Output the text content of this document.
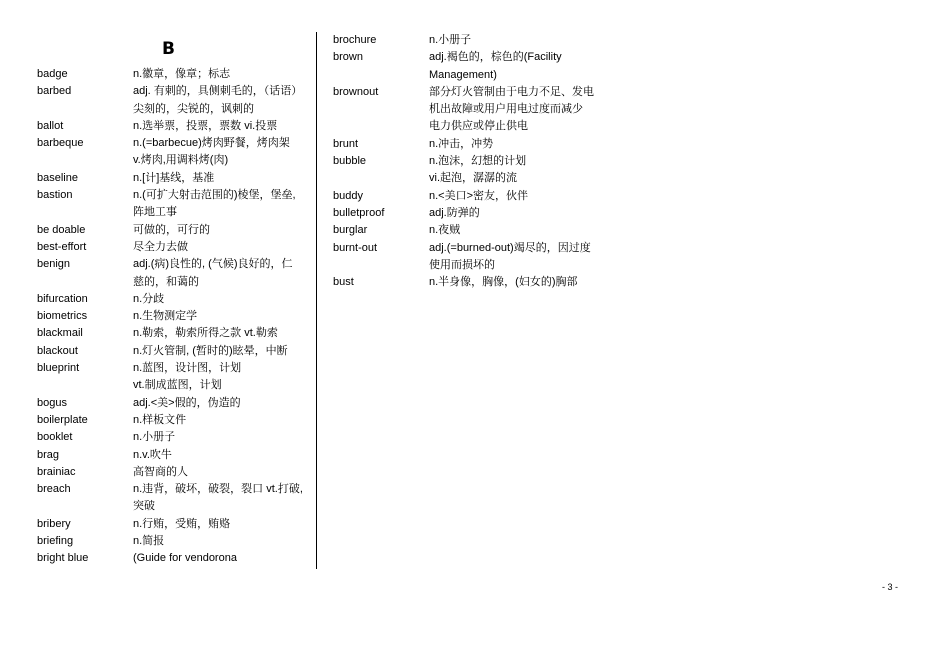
B
badge	n.徽章，像章；标志
barbed	adj. 有刺的，具侧刺毛的，（话语）
尖刻的，尖锐的，讽刺的
ballot	n.选举票，投票，票数 vi.投票
barbeque	n.(=barbecue)烤肉野餐，烤肉架
v.烤肉,用调料烤(肉)
baseline	n.[计]基线，基准
bastion	n.(可扩大射击范围的)棱堡，堡垒,
阵地工事
be doable	可做的，可行的
best-effort	尽全力去做
benign	adj.(病)良性的, (气候)良好的，仁
慈的，和蔼的
bifurcation	n.分歧
biometrics	n.生物测定学
blackmail	n.勒索，勒索所得之款 vt.勒索
blackout	n.灯火管制, (暂时的)眩晕，中断
blueprint	n.蓝图，设计图，计划
vt.制成蓝图，计划
bogus	adj.<美>假的，伪造的
boilerplate	n.样板文件
booklet	n.小册子
brag	n.v.吹牛
brainiac	高智商的人
breach	n.违背，破坏，破裂，裂口 vt.打破,
突破
bribery	n.行贿，受贿，贿赂
briefing	n.简报
bright blue	(Guide for vendorona
brochure	n.小册子
brown	adj.褐色的，棕色的(Facility
Management)
brownout	部分灯火管制由于电力不足、发电
机出故障或用户用电过度而减少
电力供应或停止供电
brunt	n.冲击，冲势
bubble	n.泡沫，幻想的计划
vi.起泡，潺潺的流
buddy	n.<美口>密友，伙伴
bulletproof	adj.防弹的
burglar	n.夜贼
burnt-out	adj.(=burned-out)竭尽的，因过度
使用而损坏的
bust	n.半身像，胸像，(妇女的)胸部
- 3 -
